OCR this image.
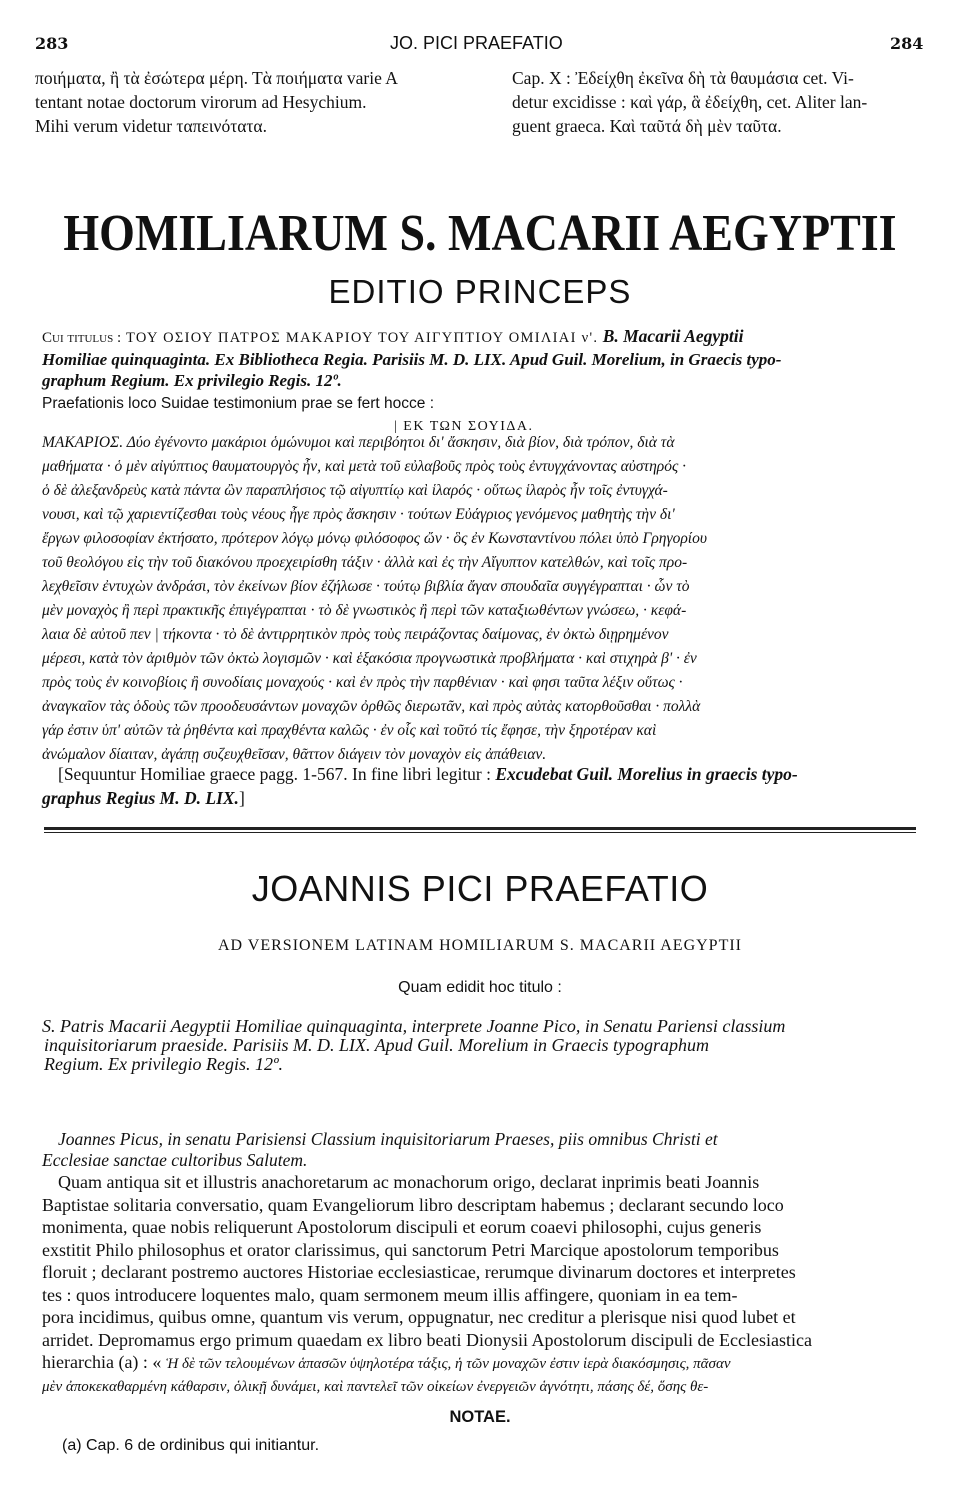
283	JO. PICI PRAEFATIO	284
ποιήματα, ἢ τὰ ἐσώτερα μέρη. Τὰ ποιήματα varie A
tentant notae doctorum virorum ad Hesychium.
Mihi verum videtur ταπεινότατα.
Cap. X : Ἐδείχθη ἐκεῖνα δὴ τὰ θαυμάσια cet. Vi-
detur excidisse : καὶ γάρ, ἃ ἐδείχθη, cet. Aliter lan-
guent graeca. Καὶ ταῦτά δὴ μὲν ταῦτα.
HOMILIARUM S. MACARII AEGYPTII
EDITIO PRINCEPS
Cui titulus : ΤΟΥ ΟΣΙΟΥ ΠΑΤΡΟΣ ΜΑΚΑΡΙΟΥ ΤΟΥ ΑΙΓΥΠΤΙΟΥ ΟΜΙΛΙΑΙ ν'. B. Macarii Aegyptii
Homiliae quinquaginta. Ex Bibliotheca Regia. Parisiis M. D. LIX. Apud Guil. Morelium, in Graecis typo-
graphum Regium. Ex privilegio Regis. 12º.
Praefationis loco Suidae testimonium prae se fert hocce :
| ΕΚ ΤΩΝ ΣΟΥΙΔΑ.
ΜΑΚΑΡΙΟΣ. Δύο ἐγένοντο μακάριοι ὁμώνυμοι καὶ περιβόητοι δι' ἄσκησιν, διὰ βίον, διὰ τρόπον, διὰ τὰ
μαθήματα · ὁ μὲν αἰγύπτιος θαυματουργὸς ἦν, καὶ μετὰ τοῦ εὐλαβοῦς πρὸς τοὺς ἐντυγχάνοντας αὐστηρός ·
ὁ δὲ ἀλεξανδρεὺς κατὰ πάντα ὢν παραπλήσιος τῷ αἰγυπτίῳ καὶ ἱλαρός · οὕτως ἱλαρὸς ἦν τοῖς ἐντυγχά-
νουσι, καὶ τῷ χαριεντίζεσθαι τοὺς νέους ἦγε πρὸς ἄσκησιν · τούτων Εὐάγριος γενόμενος μαθητὴς τὴν δι'
ἔργων φιλοσοφίαν ἐκτήσατο, πρότερον λόγῳ μόνῳ φιλόσοφος ὤν · ὃς ἐν Κωνσταντίνου πόλει ὑπὸ Γρηγορίου
τοῦ θεολόγου εἰς τὴν τοῦ διακόνου προεχειρίσθη τάξιν · ἀλλὰ καὶ ἐς τὴν Αἴγυπτον κατελθών, καὶ τοῖς προ-
λεχθεῖσιν ἐντυχὼν ἀνδράσι, τὸν ἐκείνων βίον ἐζήλωσε · τούτῳ βιβλία ἄγαν σπουδαῖα συγγέγραπται · ὧν τὸ
μὲν μοναχὸς ἢ περὶ πρακτικῆς ἐπιγέγραπται · τὸ δὲ γνωστικὸς ἢ περὶ τῶν καταξιωθέντων γνώσεω, · κεφά-
λαια δὲ αὐτοῦ πεν | τήκοντα · τὸ δὲ ἀντιρρητικὸν πρὸς τοὺς πειράζοντας δαίμονας, ἐν ὀκτὼ διῃρημένον
μέρεσι, κατὰ τὸν ἀριθμὸν τῶν ὀκτὼ λογισμῶν · καὶ ἑξακόσια προγνωστικὰ προβλήματα · καὶ στιχηρὰ β' · ἐν
πρὸς τοὺς ἐν κοινοβίοις ἢ συνοδίαις μοναχούς · καὶ ἐν πρὸς τὴν παρθένιαν · καὶ φησι ταῦτα λέξιν οὕτως ·
ἀναγκαῖον τὰς ὁδοὺς τῶν προοδευσάντων μοναχῶν ὀρθῶς διερωτᾶν, καὶ πρὸς αὐτὰς κατορθοῦσθαι · πολλὰ
γάρ ἐστιν ὑπ' αὐτῶν τὰ ῥηθέντα καὶ πραχθέντα καλῶς · ἐν οἷς καὶ τοῦτό τίς ἔφησε, τὴν ξηροτέραν καὶ
ἀνώμαλον δίαιταν, ἀγάπῃ συζευχθεῖσαν, θᾶττον διάγειν τὸν μοναχὸν εἰς ἀπάθειαν.
[Sequuntur Homiliae graece pagg. 1-567. In fine libri legitur : Excudebat Guil. Morelius in graecis typo-
graphus Regius M. D. LIX.]
JOANNIS PICI PRAEFATIO
AD VERSIONEM LATINAM HOMILIARUM S. MACARII AEGYPTII
Quam edidit hoc titulo :
S. Patris Macarii Aegyptii Homiliae quinquaginta, interprete Joanne Pico, in Senatu Pariensi classium
inquisitoriarum praeside. Parisiis M. D. LIX. Apud Guil. Morelium in Graecis typographum
Regium. Ex privilegio Regis. 12º.
Joannes Picus, in senatu Parisiensi Classium inquisitoriarum Praeses, piis omnibus Christi et
Ecclesiae sanctae cultoribus Salutem.
Quam antiqua sit et illustris anachoretarum ac monachorum origo, declarat inprimis beati Joannis
Baptistae solitaria conversatio, quam Evangeliorum libro descriptam habemus ; declarant secundo loco
monimenta, quae nobis reliquerunt Apostolorum discipuli et eorum coaevi philosophi, cujus generis
exstitit Philo philosophus et orator clarissimus, qui sanctorum Petri Marcique apostolorum temporibus
floruit ; declarant postremo auctores Historiae ecclesiasticae, rerumque divinarum doctores et interpretes
tes : quos introducere loquentes malo, quam sermonem meum illis affingere, quoniam in ea tem-
pora incidimus, quibus omne, quantum vis verum, oppugnatur, nec creditur a plerisque nisi quod lubet et
arridet. Depromamus ergo primum quaedam ex libro beati Dionysii Apostolorum discipuli de Ecclesiastica
hierarchia (a) : « Ἡ δὲ τῶν τελουμένων ἁπασῶν ὑψηλοτέρα τάξις, ἡ τῶν μοναχῶν ἐστιν ἱερὰ διακόσμησις, πᾶσαν
μὲν ἀποκεκαθαρμένη κάθαρσιν, ὁλικῇ δυνάμει, καὶ παντελεῖ τῶν οἰκείων ἐνεργειῶν ἁγνότητι, πάσης δέ, ὅσης θε-
NOTAE.
(a) Cap. 6 de ordinibus qui initiantur.
